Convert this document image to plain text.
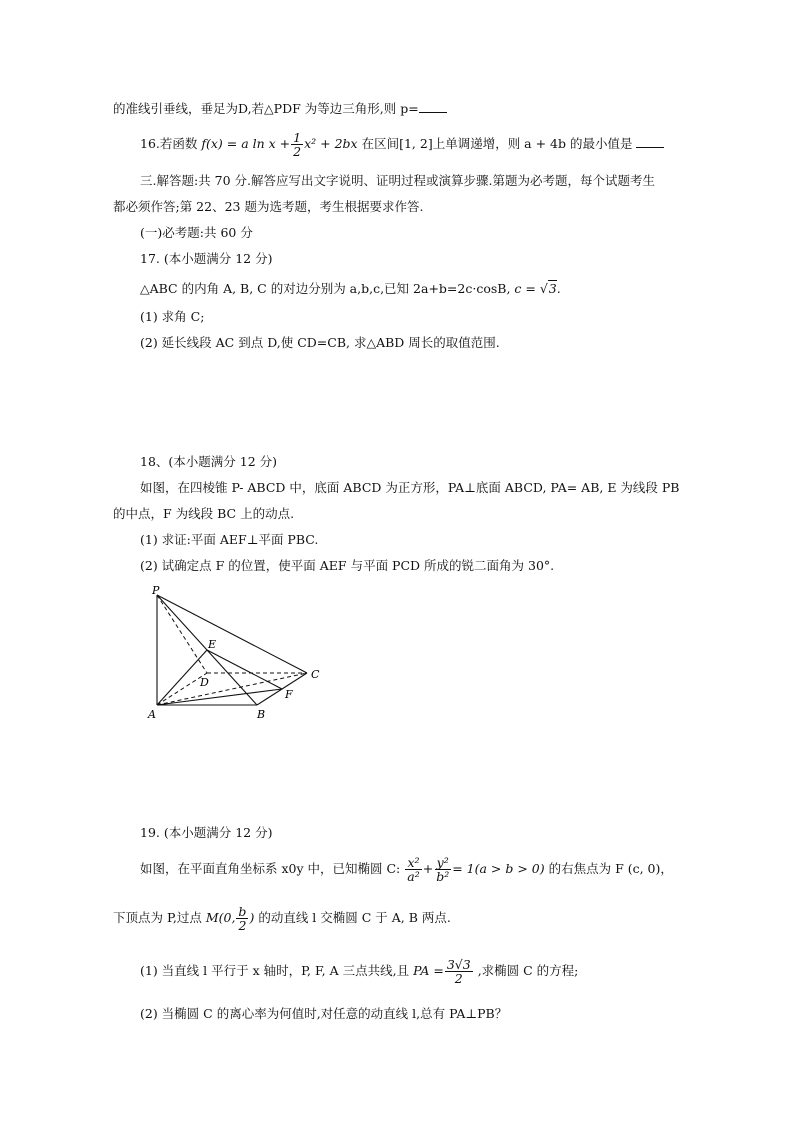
的准线引垂线，垂足为D,若△PDF 为等边三角形,则 p=
16.若函数 f(x) = a $\ln x + \frac{1}{2} x^2 + 2bx$ 在区间[1, 2]上单调递增，则 a + 4b 的最小值是
三.解答题:共 70 分.解答应写出文字说明、证明过程或演算步骤.第题为必考题，每个试题考生
都必须作答;第 22、23 题为选考题，考生根据要求作答.
(一)必考题:共 60 分
17. (本小题满分 12 分)
△ABC 的内角 A, B, C 的对边分别为 a,b,c,已知 2a+b=2c·cosB, c = √3.
(1) 求角 C;
(2) 延长线段 AC 到点 D,使 CD=CB, 求△ABD 周长的取值范围.
18、(本小题满分 12 分)
如图，在四棱锥 P- ABCD 中，底面 ABCD 为正方形，PA⊥底面 ABCD, PA= AB, E 为线段 PB
的中点，F 为线段 BC 上的动点.
(1) 求证:平面 AEF⊥平面 PBC.
(2) 试确定点 F 的位置，使平面 AEF 与平面 PCD 所成的锐二面角为 30°.
P
E
D
C
F
A	B
19. (本小题满分 12 分)
如图，在平面直角坐标系 x0y 中，已知椭圆 C: $\frac{\text{x²}}{\text{a²}} + \frac{\text{y²}}{\text{b²}} = 1(a > b > 0)$ 的右焦点为 F (c, 0)，
下顶点为 P,过点 M(0, $\frac{b}{2}$ ) 的动直线 l 交椭圆 C 于 A, B 两点.
(1) 当直线 l 平行于 x 轴时，P, F, A 三点共线,且 PA = $\frac{3√3}{2}$ ,求椭圆 C 的方程;
(2) 当椭圆 C 的离心率为何值时,对任意的动直线 l,总有 PA⊥PB？
